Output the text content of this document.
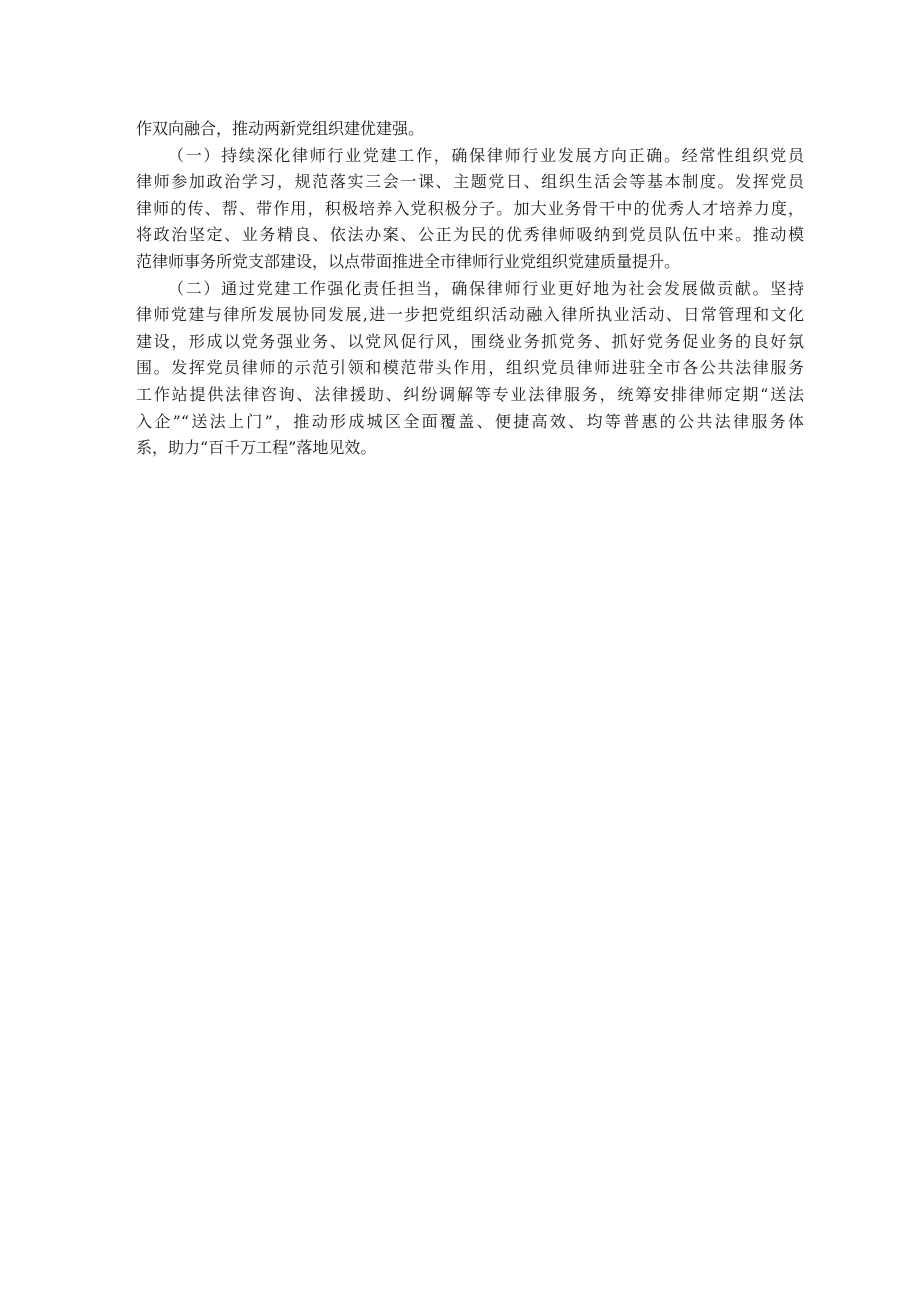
作双向融合，推动两新党组织建优建强。
（一）持续深化律师行业党建工作，确保律师行业发展方向正确。经常性组织党员
律师参加政治学习，规范落实三会一课、主题党日、组织生活会等基本制度。发挥党员
律师的传、帮、带作用，积极培养入党积极分子。加大业务骨干中的优秀人才培养力度，
将政治坚定、业务精良、依法办案、公正为民的优秀律师吸纳到党员队伍中来。推动模
范律师事务所党支部建设，以点带面推进全市律师行业党组织党建质量提升。
（二）通过党建工作强化责任担当，确保律师行业更好地为社会发展做贡献。坚持
律师党建与律所发展协同发展,进一步把党组织活动融入律所执业活动、日常管理和文化
建设，形成以党务强业务、以党风促行风，围绕业务抓党务、抓好党务促业务的良好氛
围。发挥党员律师的示范引领和模范带头作用，组织党员律师进驻全市各公共法律服务
工作站提供法律咨询、法律援助、纠纷调解等专业法律服务，统筹安排律师定期“送法
入企”“送法上门”，推动形成城区全面覆盖、便捷高效、均等普惠的公共法律服务体
系，助力“百千万工程”落地见效。
